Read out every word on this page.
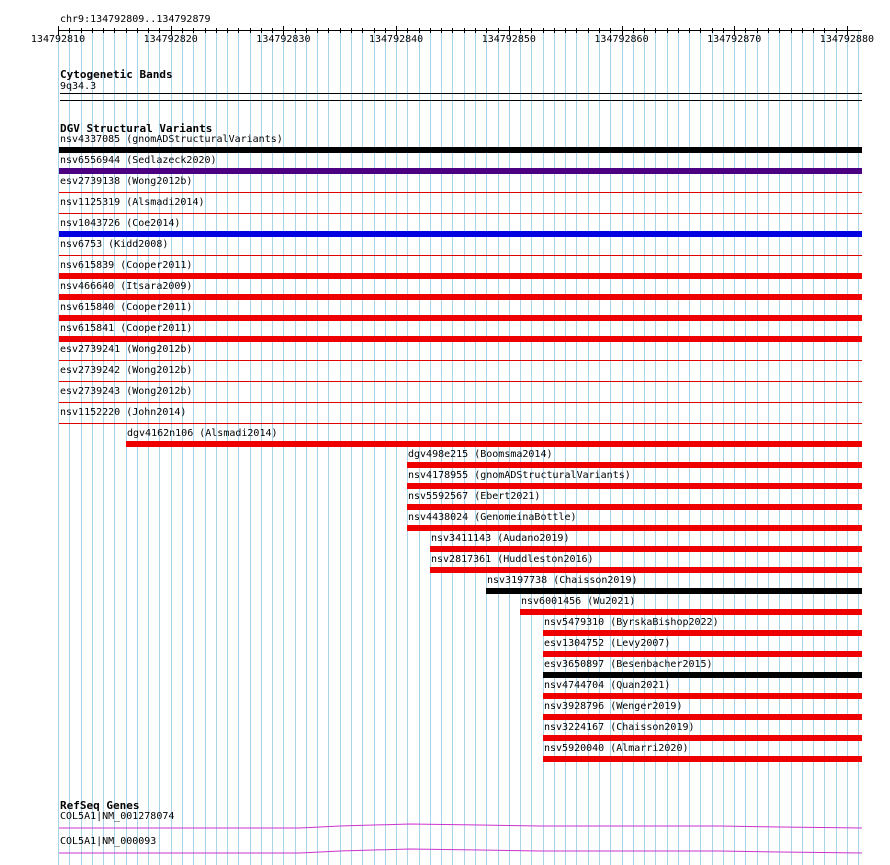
chr9:134792809..134792879
134792810	134792820	134792830	134792840	134792850	134792860	134792870	134792880
Cytogenetic Bands
9q34.3
DGV Structural Variants
nsv4337085 (gnomADStructuralVariants)
nsv6556944 (Sedlazeck2020)
esv2739138 (Wong2012b)
nsv1125319 (Alsmadi2014)
nsv1043726 (Coe2014)
nsv6753 (Kidd2008)
nsv615839 (Cooper2011)
nsv466640 (Itsara2009)
nsv615840 (Cooper2011)
nsv615841 (Cooper2011)
esv2739241 (Wong2012b)
esv2739242 (Wong2012b)
esv2739243 (Wong2012b)
nsv1152220 (John2014)
dgv4162n106 (Alsmadi2014)
dgv498e215 (Boomsma2014)
nsv4178955 (gnomADStructuralVariants)
nsv5592567 (Ebert2021)
nsv4438024 (GenomeinaBottle)
nsv3411143 (Audano2019)
nsv2817361 (Huddleston2016)
nsv3197738 (Chaisson2019)
nsv6001456 (Wu2021)
nsv5479310 (ByrskaBishop2022)
esv1304752 (Levy2007)
esv3650897 (Besenbacher2015)
nsv4744704 (Quan2021)
nsv3928796 (Wenger2019)
nsv3224167 (Chaisson2019)
nsv5920040 (Almarri2020)
RefSeq Genes
COL5A1|NM_001278074
COL5A1|NM_000093
